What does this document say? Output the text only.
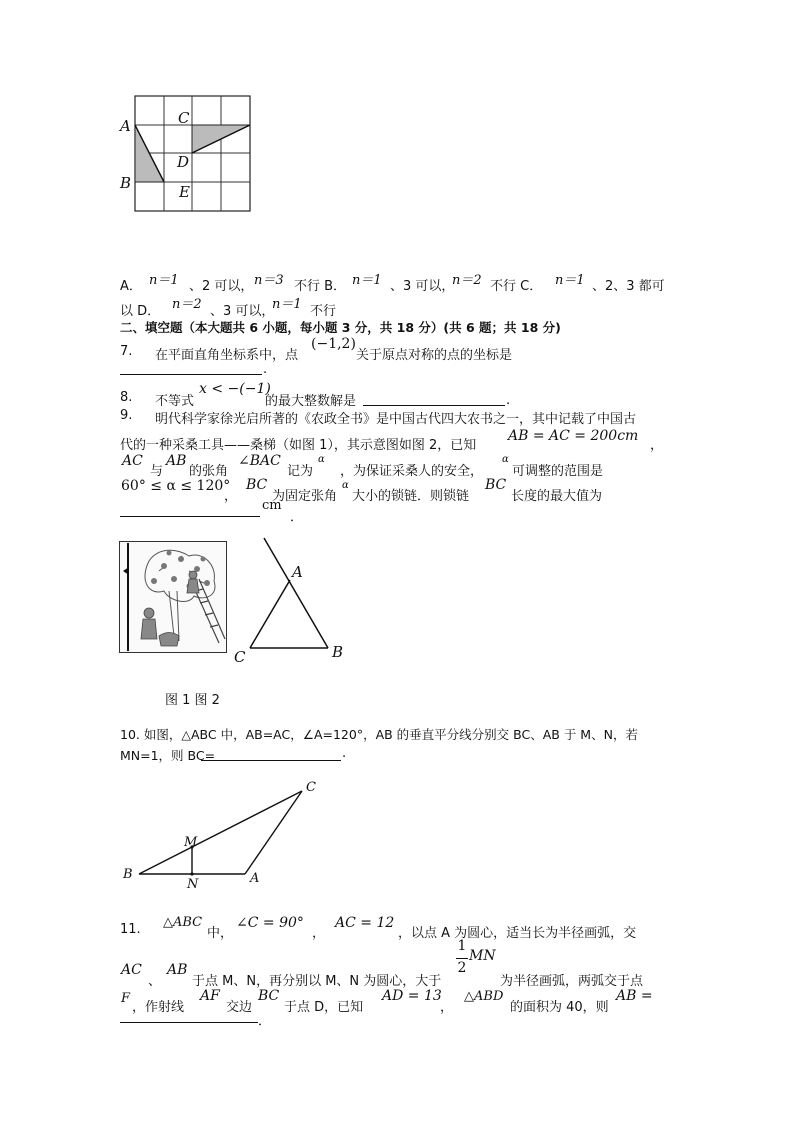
A	C
D
B	E
A． n＝1 、2 可以， n＝3 不行 B． n＝1 、3 可以，
n＝2 不行 C． n＝1 、2、3 都可
以 D． n＝2 、3 可以，
n＝1 不行
二、填空题（本大题共 6 小题，每小题 3 分，共 18 分）(共 6 题；共 18 分)
7. 在平面直角坐标系中，点
(−1,2)
关于原点对称的点的坐标是
.
8. 不等式
x < −(−1)
的最大整数解是	.
9. 明代科学家徐光启所著的《农政全书》是中国古代四大农书之一，其中记载了中国古
代的一种采桑工具——桑梯（如图 1），其示意图如图 2，已知
AB = AC = 200cm
，
AC
与
AB
的张角
∠BAC
记为
α
，为保证采桑人的安全，
α
可调整的范围是
60° ≤ α ≤ 120°
，
BC
为固定张角
α
大小的锁链．则锁链
BC
长度的最大值为
cm
．
A
C	B
图 1 图 2
10. 如图，△ABC 中，AB=AC，∠A=120°，AB 的垂直平分线分别交 BC、AB 于 M、N，若
MN=1，则 BC=	.
C
M
B
N	A
11. △ABC
中，
∠C = 90°
，
AC = 12
，以点 A 为圆心，适当长为半径画弧，交
AC
、
AB
于点 M、N，再分别以 M、N 为圆心，大于
1
2
MN
为半径画弧，两弧交于点
F
，作射线
AF
交边
BC
于点 D，已知
AD = 13
，
△ABD
的面积为 40，则
AB =
．
